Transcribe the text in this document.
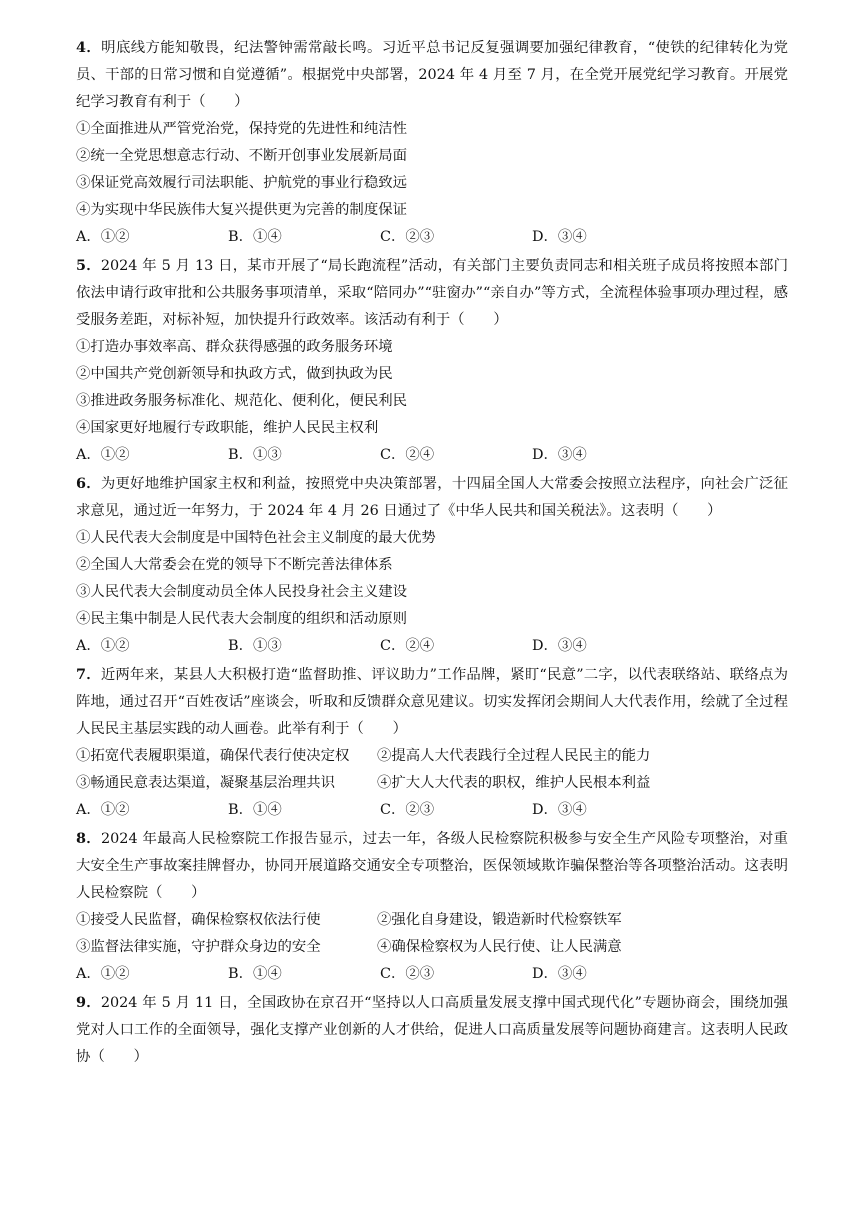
4．明底线方能知敬畏，纪法警钟需常敲长鸣。习近平总书记反复强调要加强纪律教育，“使铁的纪律转化为党员、干部的日常习惯和自觉遵循”。根据党中央部署，2024 年 4 月至 7 月，在全党开展党纪学习教育。开展党纪学习教育有利于（　　）

①全面推进从严管党治党，保持党的先进性和纯洁性

②统一全党思想意志行动、不断开创事业发展新局面

③保证党高效履行司法职能、护航党的事业行稳致远

④为实现中华民族伟大复兴提供更为完善的制度保证

A．①②	B．①④	C．②③	D．③④

5．2024 年 5 月 13 日，某市开展了“局长跑流程”活动，有关部门主要负责同志和相关班子成员将按照本部门依法申请行政审批和公共服务事项清单，采取“陪同办”“驻窗办”“亲自办”等方式，全流程体验事项办理过程，感受服务差距，对标补短，加快提升行政效率。该活动有利于（　　）

①打造办事效率高、群众获得感强的政务服务环境

②中国共产党创新领导和执政方式，做到执政为民

③推进政务服务标准化、规范化、便利化，便民利民

④国家更好地履行专政职能，维护人民民主权利

A．①②	B．①③	C．②④	D．③④

6．为更好地维护国家主权和利益，按照党中央决策部署，十四届全国人大常委会按照立法程序，向社会广泛征求意见，通过近一年努力，于 2024 年 4 月 26 日通过了《中华人民共和国关税法》。这表明（　　）

①人民代表大会制度是中国特色社会主义制度的最大优势

②全国人大常委会在党的领导下不断完善法律体系

③人民代表大会制度动员全体人民投身社会主义建设

④民主集中制是人民代表大会制度的组织和活动原则

A．①②	B．①③	C．②④	D．③④

7．近两年来，某县人大积极打造“监督助推、评议助力”工作品牌，紧盯“民意”二字，以代表联络站、联络点为阵地，通过召开“百姓夜话”座谈会，听取和反馈群众意见建议。切实发挥闭会期间人大代表作用，绘就了全过程人民民主基层实践的动人画卷。此举有利于（　　）

①拓宽代表履职渠道，确保代表行使决定权	②提高人大代表践行全过程人民民主的能力
③畅通民意表达渠道，凝聚基层治理共识	④扩大人大代表的职权，维护人民根本利益
A．①②	B．①④	C．②③	D．③④

8．2024 年最高人民检察院工作报告显示，过去一年，各级人民检察院积极参与安全生产风险专项整治，对重大安全生产事故案挂牌督办，协同开展道路交通安全专项整治，医保领域欺诈骗保整治等各项整治活动。这表明人民检察院（　　）

①接受人民监督，确保检察权依法行使	②强化自身建设，锻造新时代检察铁军
③监督法律实施，守护群众身边的安全	④确保检察权为人民行使、让人民满意
A．①②	B．①④	C．②③	D．③④

9．2024 年 5 月 11 日，全国政协在京召开“坚持以人口高质量发展支撑中国式现代化”专题协商会，围绕加强党对人口工作的全面领导，强化支撑产业创新的人才供给，促进人口高质量发展等问题协商建言。这表明人民政协（　　）
